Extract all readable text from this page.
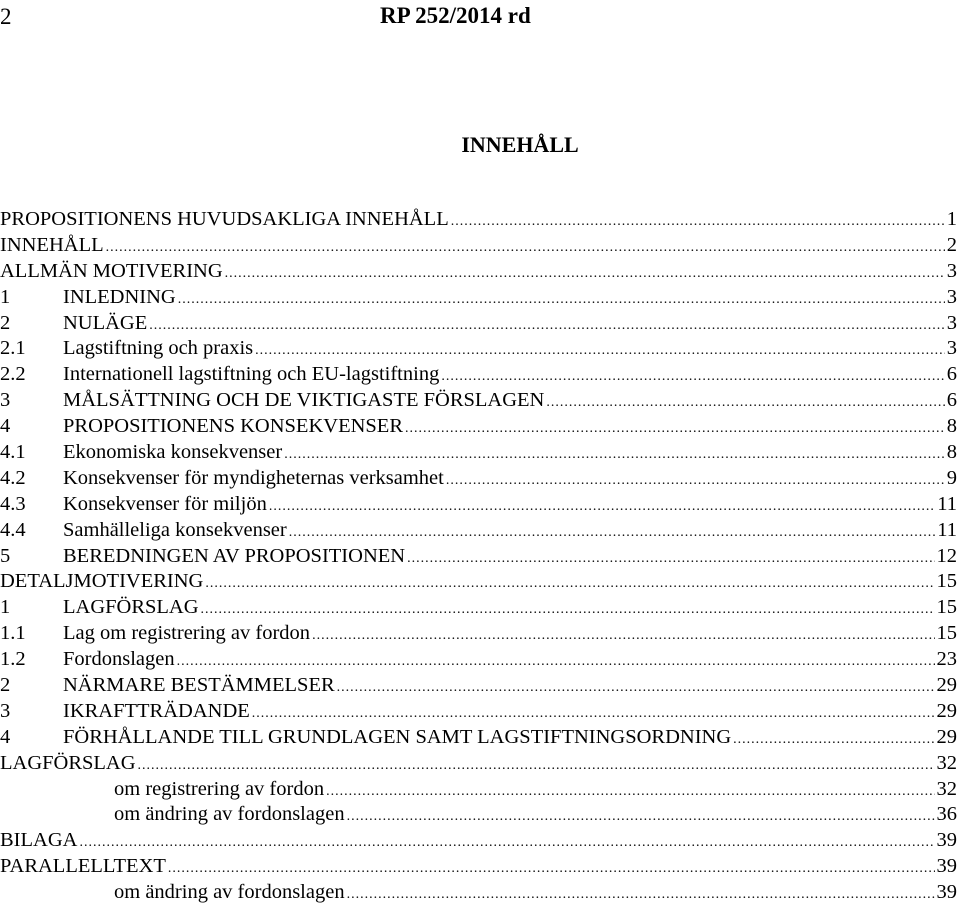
2	RP 252/2014 rd
INNEHÅLL
PROPOSITIONENS HUVUDSAKLIGA INNEHÅLL .....	1
INNEHÅLL .....	2
ALLMÄN MOTIVERING .....	3
1	INLEDNING .....	3
2	NULÄGE .....	3
2.1	Lagstiftning och praxis .....	3
2.2	Internationell lagstiftning och EU-lagstiftning .....	6
3	MÅLSÄTTNING OCH DE VIKTIGASTE FÖRSLAGEN .....	6
4	PROPOSITIONENS KONSEKVENSER .....	8
4.1	Ekonomiska konsekvenser .....	8
4.2	Konsekvenser för myndigheternas verksamhet .....	9
4.3	Konsekvenser för miljön .....	11
4.4	Samhälleliga konsekvenser .....	11
5	BEREDNINGEN AV PROPOSITIONEN .....	12
DETALJMOTIVERING .....	15
1	LAGFÖRSLAG .....	15
1.1	Lag om registrering av fordon .....	15
1.2	Fordonslagen .....	23
2	NÄRMARE BESTÄMMELSER .....	29
3	IKRAFTTRÄDANDE .....	29
4	FÖRHÅLLANDE TILL GRUNDLAGEN SAMT LAGSTIFTNINGSORDNING .....	29
LAGFÖRSLAG .....	32
om registrering av fordon .....	32
om ändring av fordonslagen .....	36
BILAGA .....	39
PARALLELLTEXT .....	39
om ändring av fordonslagen .....	39
